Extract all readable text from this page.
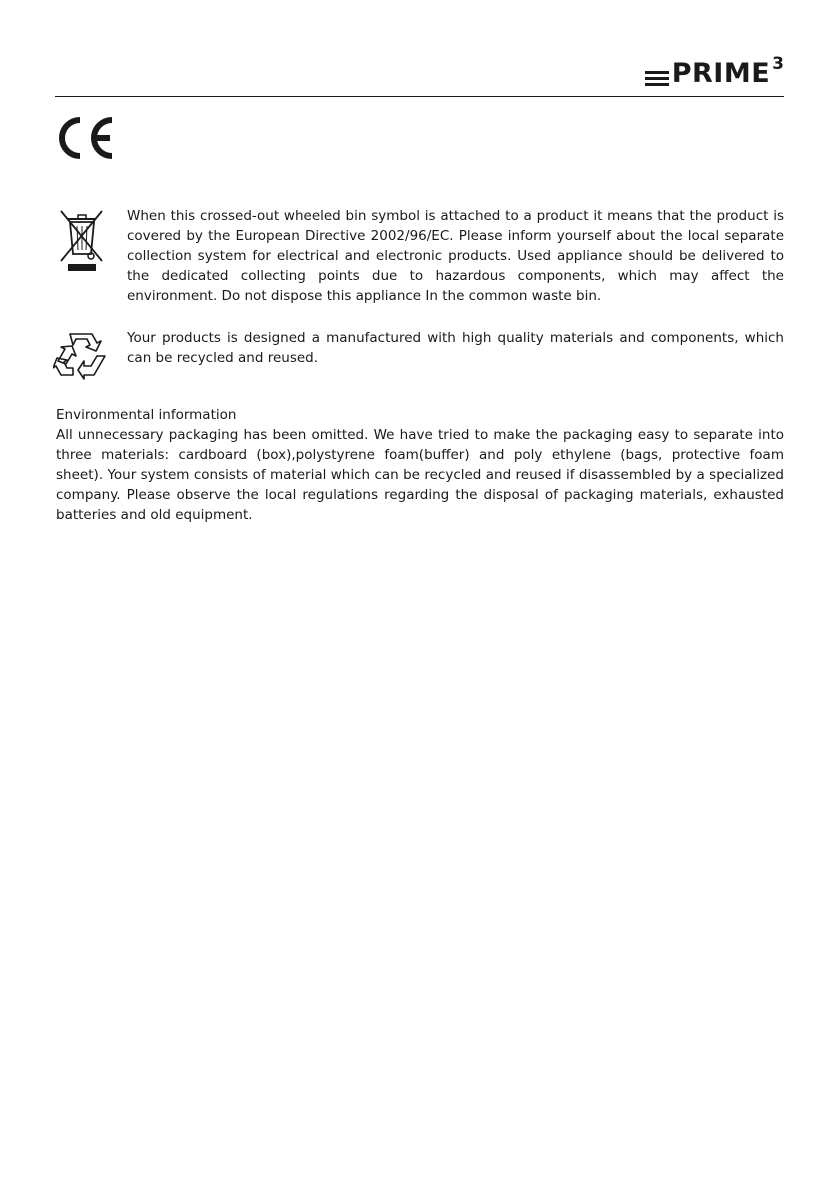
PRIME 3

When this crossed-out wheeled bin symbol is attached to a product it means that the product is covered by the European Directive 2002/96/EC. Please inform yourself about the local separate collection system for electrical and electronic products. Used appliance should be delivered to the dedicated collecting points due to hazardous components, which may affect the environment. Do not dispose this appliance In the common waste bin.

Your products is designed a manufactured with high quality materials and components, which can be recycled and reused.

Environmental information

All unnecessary packaging has been omitted. We have tried to make the packaging easy to separate into three materials: cardboard (box),polystyrene foam(buffer) and poly ethylene (bags, protective foam sheet). Your system consists of material which can be recycled and reused if disassembled by a specialized company. Please observe the local regulations regarding the disposal of packaging materials, exhausted batteries and old equipment.
